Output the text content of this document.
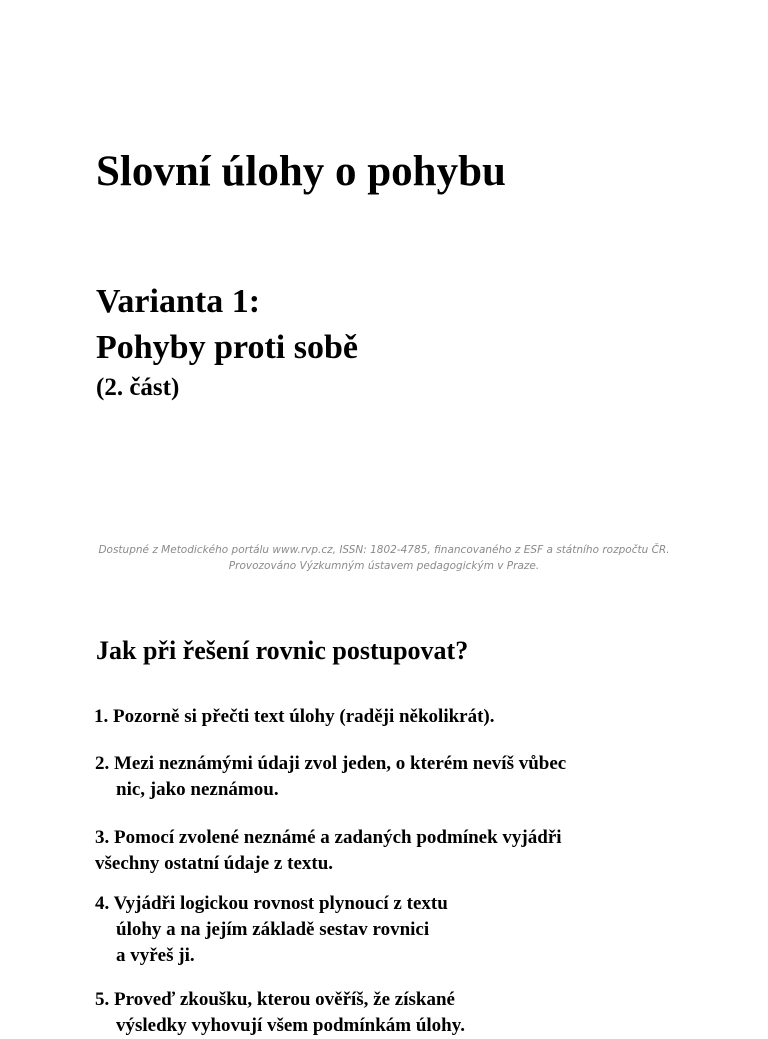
Slovní úlohy o pohybu
Varianta 1:
Pohyby proti sobě
(2. část)
Dostupné z Metodického portálu www.rvp.cz, ISSN: 1802-4785, financovaného z ESF a státního rozpočtu ČR.
Provozováno Výzkumným ústavem pedagogickým v Praze.
Jak při řešení rovnic postupovat?
1. Pozorně si přečti text úlohy (raději několikrát).
2. Mezi neznámými údaji zvol jeden, o kterém nevíš vůbec
nic, jako neznámou.
3. Pomocí zvolené neznámé a zadaných podmínek vyjádři
všechny ostatní údaje z textu.
4. Vyjádři logickou rovnost plynoucí z textu
úlohy a na jejím základě sestav rovnici
a vyřeš ji.
5. Proveď zkoušku, kterou ověříš, že získané
výsledky vyhovují všem podmínkám úlohy.
